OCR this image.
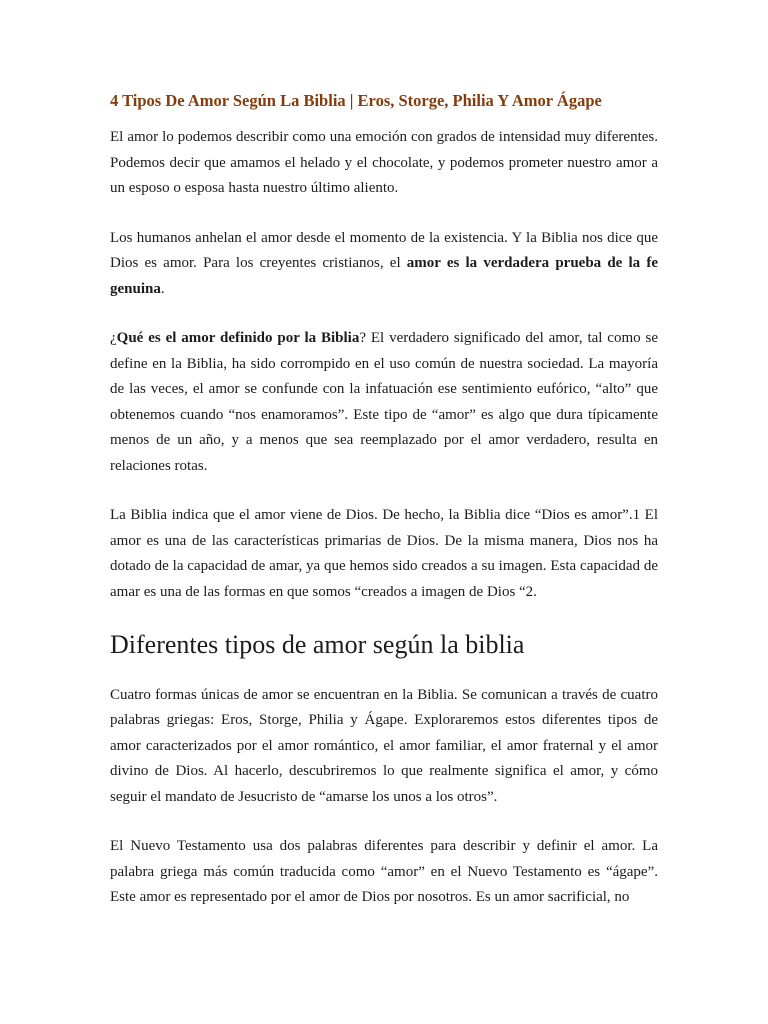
4 Tipos De Amor Según La Biblia | Eros, Storge, Philia Y Amor Ágape

El amor lo podemos describir como una emoción con grados de intensidad muy diferentes. Podemos decir que amamos el helado y el chocolate, y podemos prometer nuestro amor a un esposo o esposa hasta nuestro último aliento.

Los humanos anhelan el amor desde el momento de la existencia. Y la Biblia nos dice que Dios es amor. Para los creyentes cristianos, el amor es la verdadera prueba de la fe genuina.

¿Qué es el amor definido por la Biblia? El verdadero significado del amor, tal como se define en la Biblia, ha sido corrompido en el uso común de nuestra sociedad. La mayoría de las veces, el amor se confunde con la infatuación ese sentimiento eufórico, “alto” que obtenemos cuando “nos enamoramos”. Este tipo de “amor” es algo que dura típicamente menos de un año, y a menos que sea reemplazado por el amor verdadero, resulta en relaciones rotas.

La Biblia indica que el amor viene de Dios. De hecho, la Biblia dice “Dios es amor”.1 El amor es una de las características primarias de Dios. De la misma manera, Dios nos ha dotado de la capacidad de amar, ya que hemos sido creados a su imagen. Esta capacidad de amar es una de las formas en que somos “creados a imagen de Dios “2.

Diferentes tipos de amor según la biblia

Cuatro formas únicas de amor se encuentran en la Biblia. Se comunican a través de cuatro palabras griegas: Eros, Storge, Philia y Ágape. Exploraremos estos diferentes tipos de amor caracterizados por el amor romántico, el amor familiar, el amor fraternal y el amor divino de Dios. Al hacerlo, descubriremos lo que realmente significa el amor, y cómo seguir el mandato de Jesucristo de “amarse los unos a los otros”.

El Nuevo Testamento usa dos palabras diferentes para describir y definir el amor. La palabra griega más común traducida como “amor” en el Nuevo Testamento es “ágape”. Este amor es representado por el amor de Dios por nosotros. Es un amor sacrificial, no
